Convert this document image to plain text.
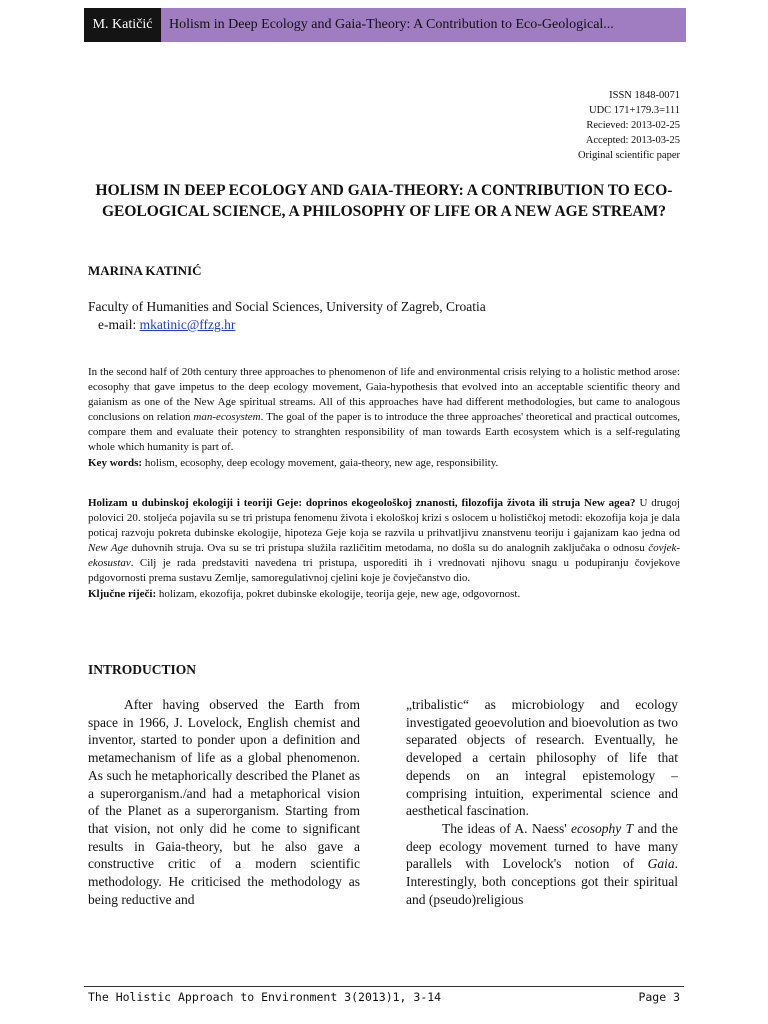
M. Katičić	Holism in Deep Ecology and Gaia-Theory: A Contribution to Eco-Geological...
ISSN 1848-0071
UDC 171+179.3=111
Recieved: 2013-02-25
Accepted: 2013-03-25
Original scientific paper
HOLISM IN DEEP ECOLOGY AND GAIA-THEORY: A CONTRIBUTION TO ECO-GEOLOGICAL SCIENCE, A PHILOSOPHY OF LIFE OR A NEW AGE STREAM?
MARINA KATINIĆ
Faculty of Humanities and Social Sciences, University of Zagreb, Croatia
e-mail: mkatinic@ffzg.hr

In the second half of 20th century three approaches to phenomenon of life and environmental crisis relying to a holistic method arose: ecosophy that gave impetus to the deep ecology movement, Gaia-hypothesis that evolved into an acceptable scientific theory and gaianism as one of the New Age spiritual streams. All of this approaches have had different methodologies, but came to analogous conclusions on relation man-ecosystem. The goal of the paper is to introduce the three approaches' theoretical and practical outcomes, compare them and evaluate their potency to stranghten responsibility of man towards Earth ecosystem which is a self-regulating whole which humanity is part of.

Key words: holism, ecosophy, deep ecology movement, gaia-theory, new age, responsibility.

Holizam u dubinskoj ekologiji i teoriji Geje: doprinos ekogeološkoj znanosti, filozofija života ili struja New agea? U drugoj polovici 20. stoljeća pojavila su se tri pristupa fenomenu života i ekološkoj krizi s oslocem u holističkoj metodi: ekozofija koja je dala poticaj razvoju pokreta dubinske ekologije, hipoteza Geje koja se razvila u prihvatljivu znanstvenu teoriju i gajanizam kao jedna od New Age duhovnih struja. Ova su se tri pristupa služila različitim metodama, no došla su do analognih zaključaka o odnosu čovjek-ekosustav. Cilj je rada predstaviti navedena tri pristupa, usporediti ih i vrednovati njihovu snagu u podupiranju čovjekove pdgovornosti prema sustavu Zemlje, samoregulativnoj cjelini koje je čovječanstvo dio.

Ključne riječi: holizam, ekozofija, pokret dubinske ekologije, teorija geje, new age, odgovornost.

INTRODUCTION

After having observed the Earth from space in 1966, J. Lovelock, English chemist and inventor, started to ponder upon a definition and metamechanism of life as a global phenomenon. As such he metaphorically described the Planet as a superorganism./and had a metaphorical vision of the Planet as a superorganism. Starting from that vision, not only did he come to significant results in Gaia-theory, but he also gave a constructive critic of a modern scientific methodology. He criticised the methodology as being reductive and

„tribalistic“ as microbiology and ecology investigated geoevolution and bioevolution as two separated objects of research. Eventually, he developed a certain philosophy of life that depends on an integral epistemology – comprising intuition, experimental science and aesthetical fascination.
The ideas of A. Naess' ecosophy T and the deep ecology movement turned to have many parallels with Lovelock's notion of Gaia. Interestingly, both conceptions got their spiritual and (pseudo)religious

The Holistic Approach to Environment 3(2013)1, 3-14	Page 3
